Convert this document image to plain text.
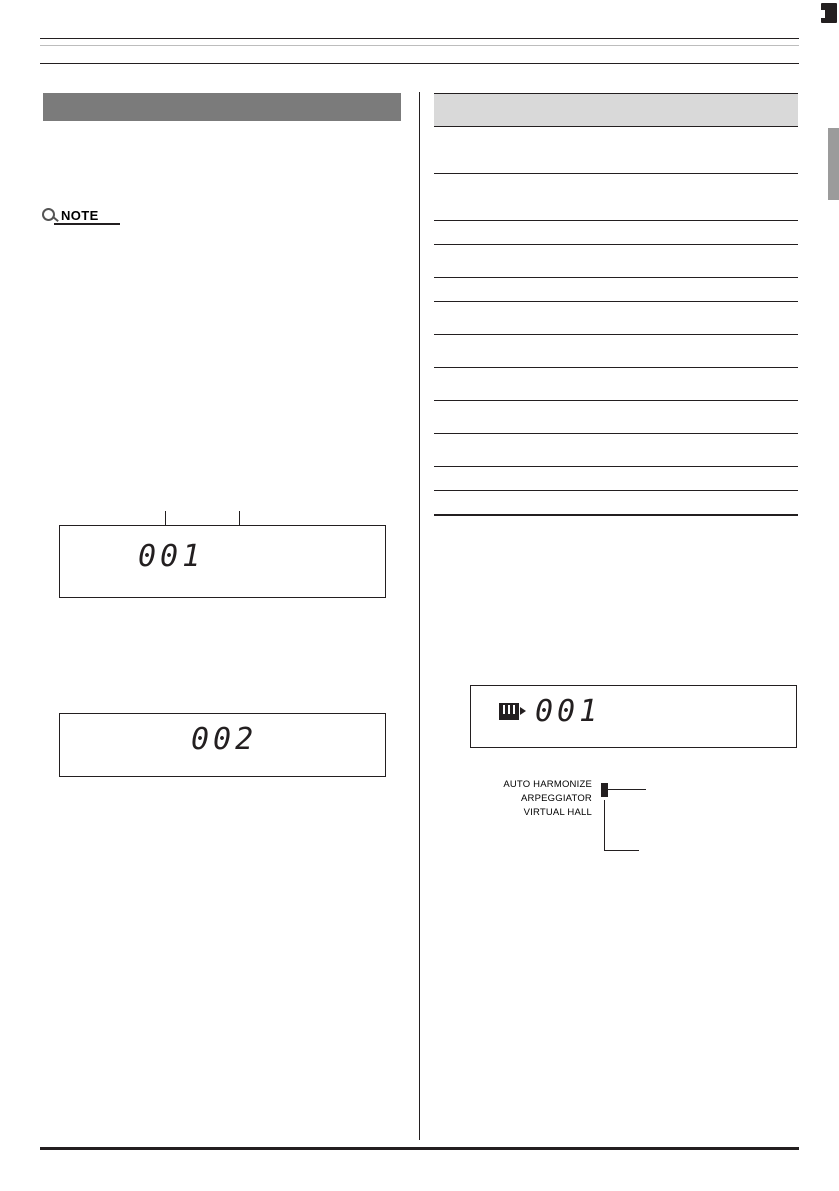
NOTE
001
002

001
AUTO HARMONIZE
ARPEGGIATOR
VIRTUAL HALL
